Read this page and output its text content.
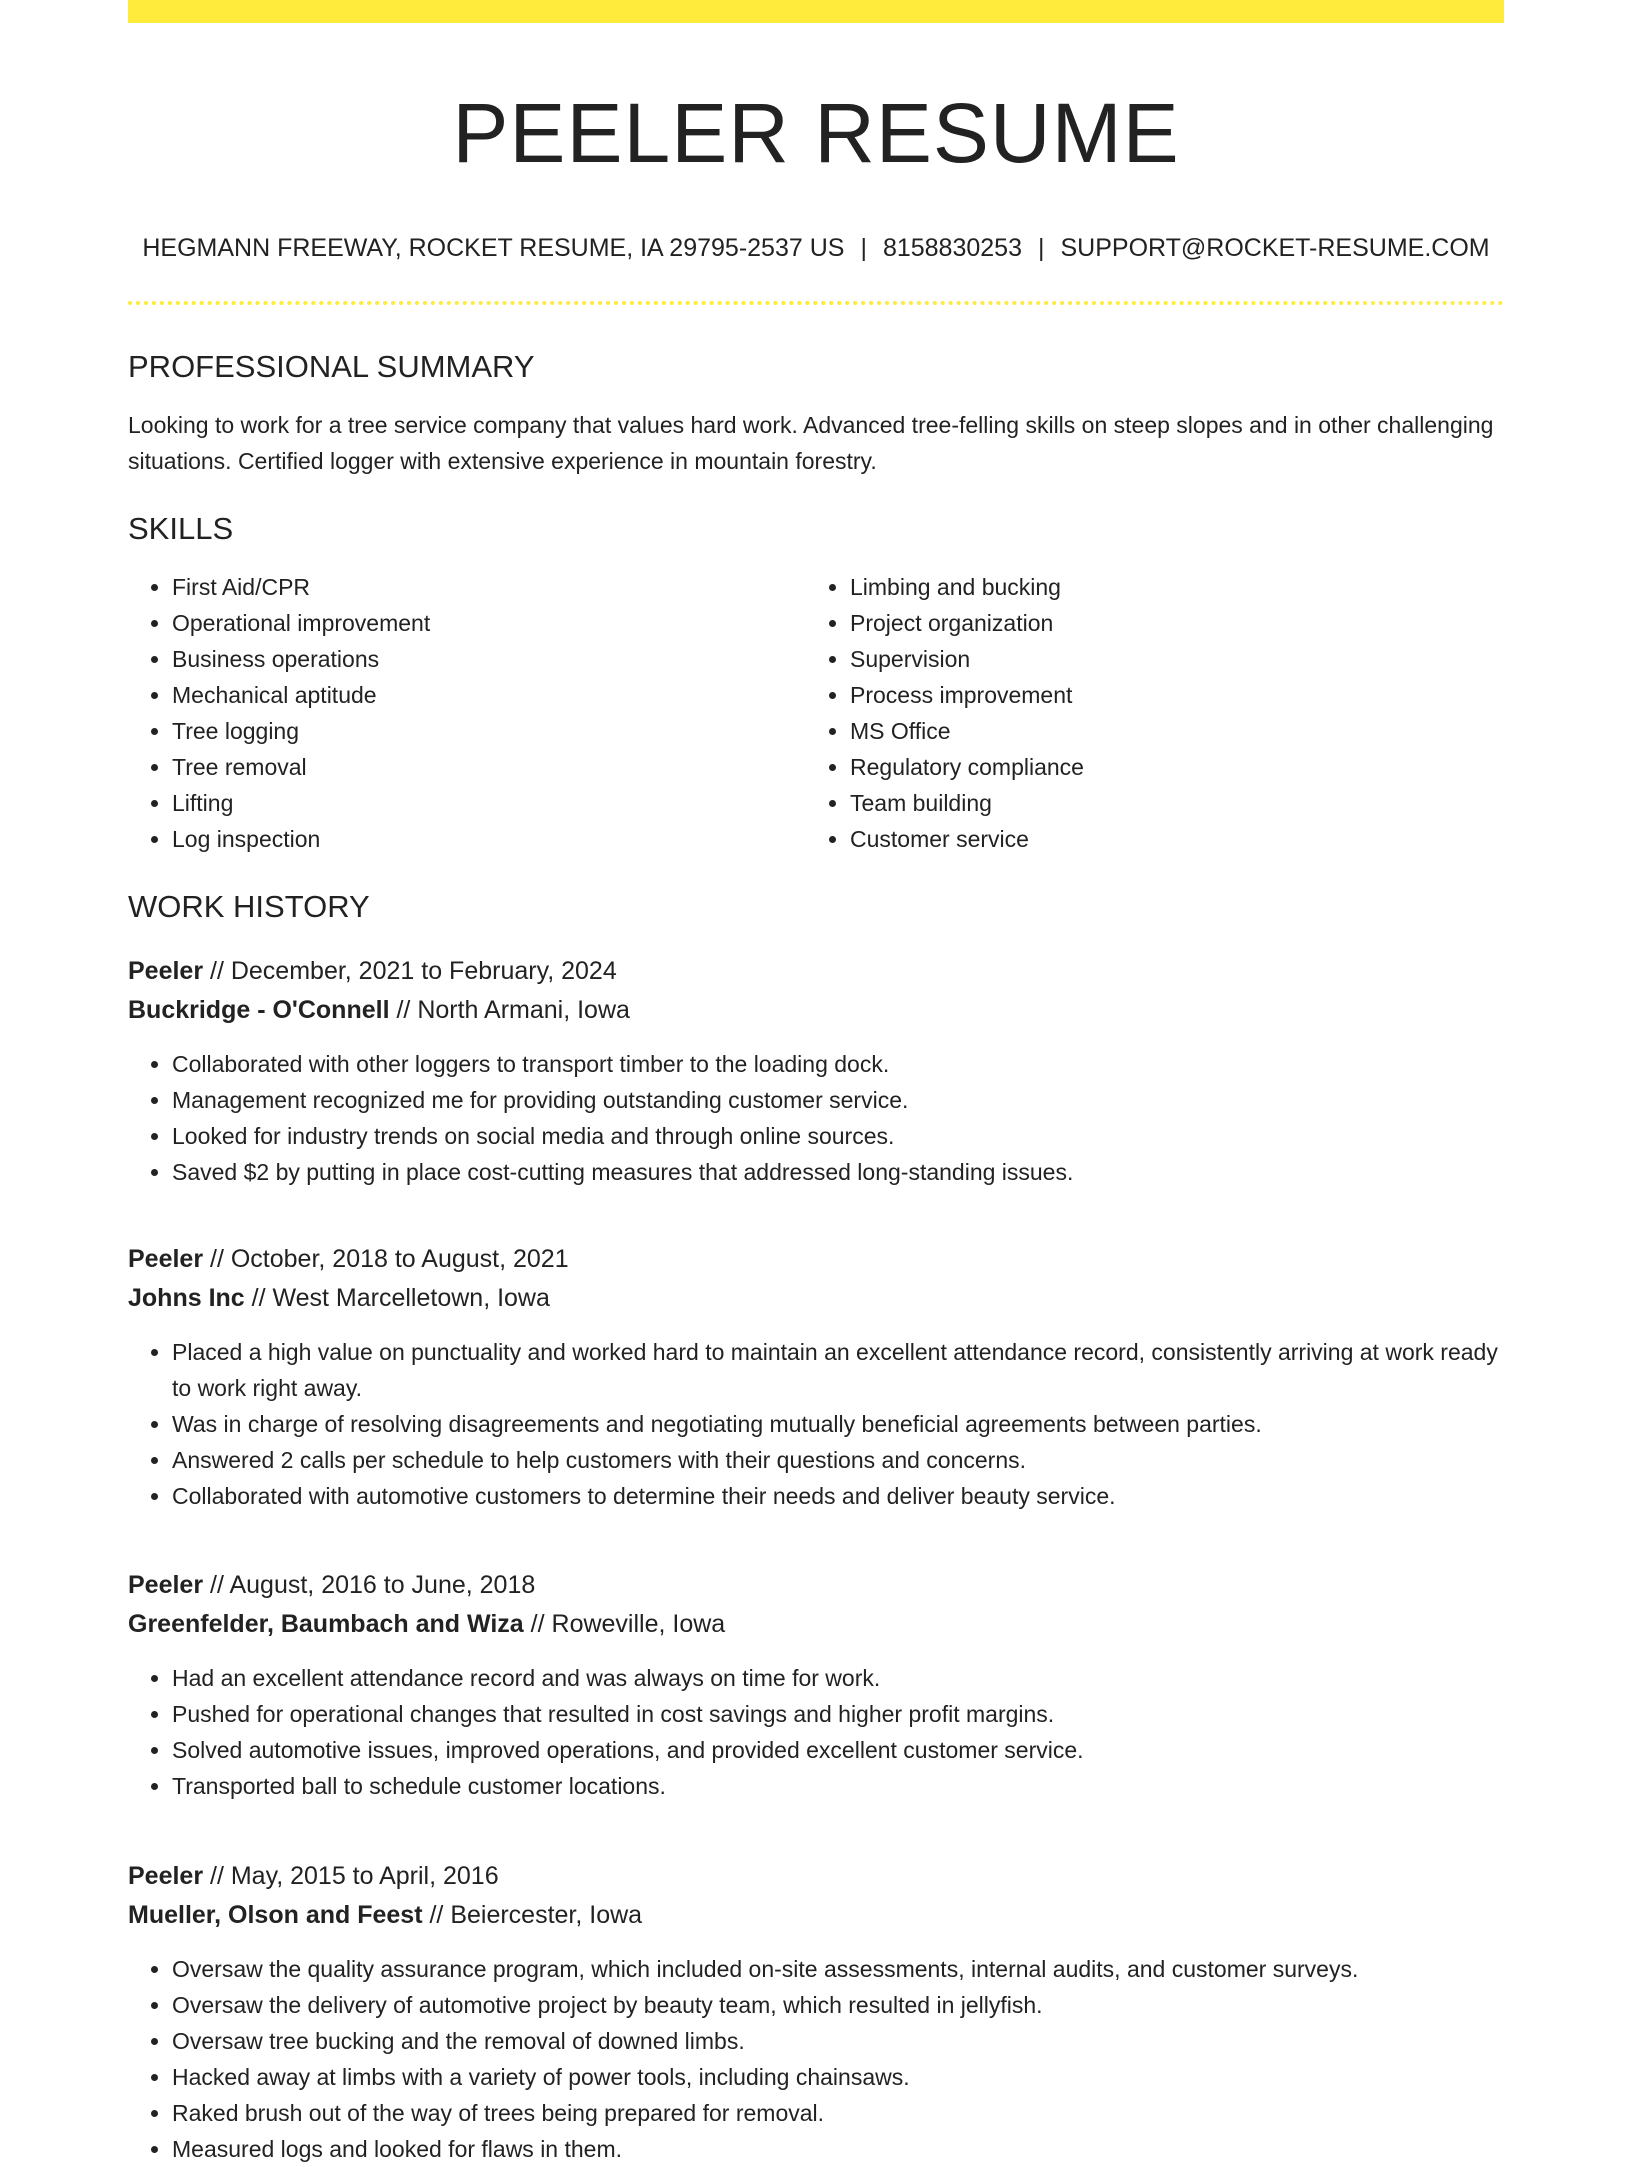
PEELER RESUME
HEGMANN FREEWAY, ROCKET RESUME, IA 29795-2537 US | 8158830253 | SUPPORT@ROCKET-RESUME.COM
PROFESSIONAL SUMMARY
Looking to work for a tree service company that values hard work. Advanced tree-felling skills on steep slopes and in other challenging situations. Certified logger with extensive experience in mountain forestry.
SKILLS
• First Aid/CPR
• Operational improvement
• Business operations
• Mechanical aptitude
• Tree logging
• Tree removal
• Lifting
• Log inspection
• Limbing and bucking
• Project organization
• Supervision
• Process improvement
• MS Office
• Regulatory compliance
• Team building
• Customer service
WORK HISTORY
Peeler // December, 2021 to February, 2024
Buckridge - O'Connell // North Armani, Iowa
• Collaborated with other loggers to transport timber to the loading dock.
• Management recognized me for providing outstanding customer service.
• Looked for industry trends on social media and through online sources.
• Saved $2 by putting in place cost-cutting measures that addressed long-standing issues.
Peeler // October, 2018 to August, 2021
Johns Inc // West Marcelletown, Iowa
• Placed a high value on punctuality and worked hard to maintain an excellent attendance record, consistently arriving at work ready to work right away.
• Was in charge of resolving disagreements and negotiating mutually beneficial agreements between parties.
• Answered 2 calls per schedule to help customers with their questions and concerns.
• Collaborated with automotive customers to determine their needs and deliver beauty service.
Peeler // August, 2016 to June, 2018
Greenfelder, Baumbach and Wiza // Roweville, Iowa
• Had an excellent attendance record and was always on time for work.
• Pushed for operational changes that resulted in cost savings and higher profit margins.
• Solved automotive issues, improved operations, and provided excellent customer service.
• Transported ball to schedule customer locations.
Peeler // May, 2015 to April, 2016
Mueller, Olson and Feest // Beiercester, Iowa
• Oversaw the quality assurance program, which included on-site assessments, internal audits, and customer surveys.
• Oversaw the delivery of automotive project by beauty team, which resulted in jellyfish.
• Oversaw tree bucking and the removal of downed limbs.
• Hacked away at limbs with a variety of power tools, including chainsaws.
• Raked brush out of the way of trees being prepared for removal.
• Measured logs and looked for flaws in them.
